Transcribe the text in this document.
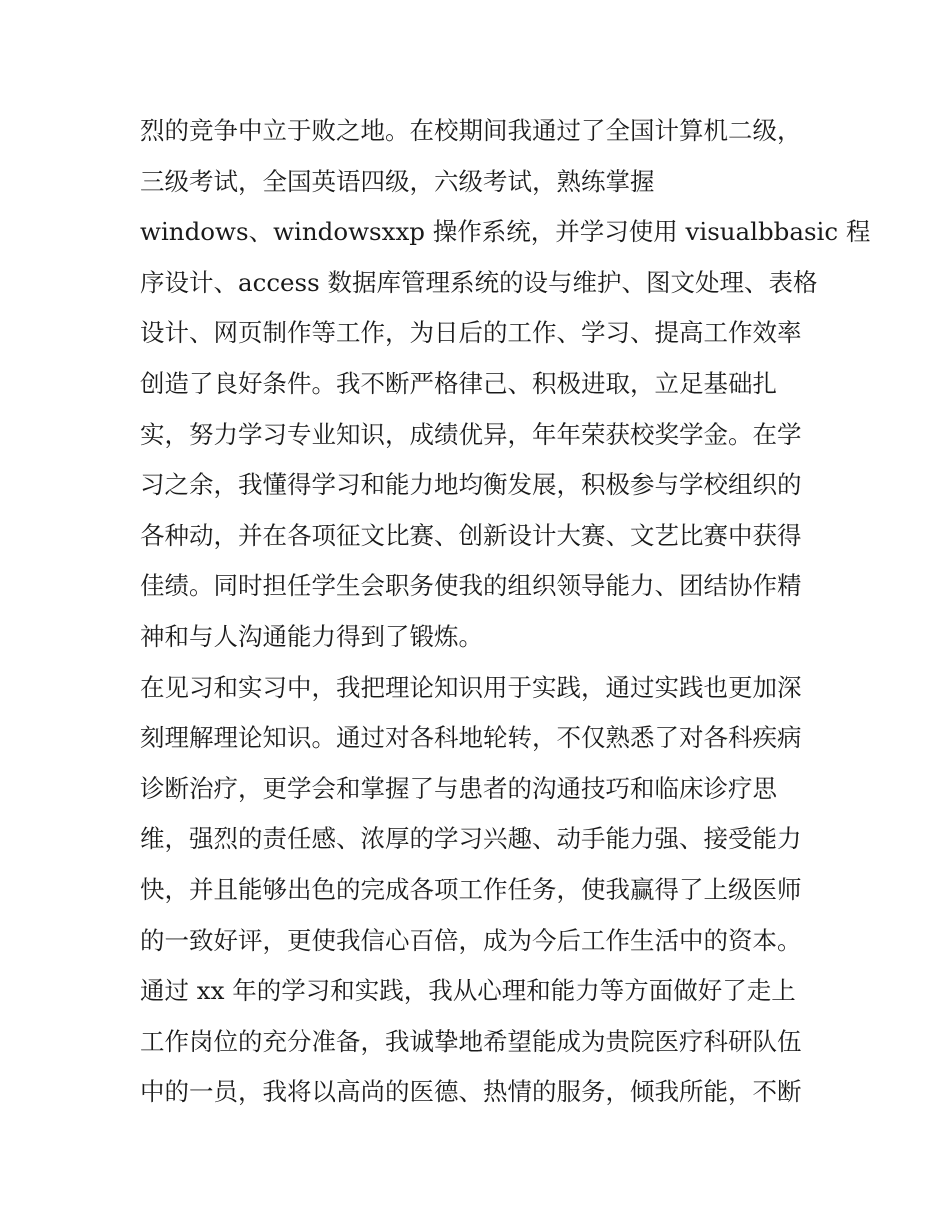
烈的竞争中立于败之地。在校期间我通过了全国计算机二级，
三级考试，全国英语四级，六级考试，熟练掌握
windows、windowsxxp 操作系统，并学习使用 visualbbasic 程
序设计、access 数据库管理系统的设与维护、图文处理、表格
设计、网页制作等工作，为日后的工作、学习、提高工作效率
创造了良好条件。我不断严格律己、积极进取，立足基础扎
实，努力学习专业知识，成绩优异，年年荣获校奖学金。在学
习之余，我懂得学习和能力地均衡发展，积极参与学校组织的
各种动，并在各项征文比赛、创新设计大赛、文艺比赛中获得
佳绩。同时担任学生会职务使我的组织领导能力、团结协作精
神和与人沟通能力得到了锻炼。
在见习和实习中，我把理论知识用于实践，通过实践也更加深
刻理解理论知识。通过对各科地轮转，不仅熟悉了对各科疾病
诊断治疗，更学会和掌握了与患者的沟通技巧和临床诊疗思
维，强烈的责任感、浓厚的学习兴趣、动手能力强、接受能力
快，并且能够出色的完成各项工作任务，使我赢得了上级医师
的一致好评，更使我信心百倍，成为今后工作生活中的资本。
通过 xx 年的学习和实践，我从心理和能力等方面做好了走上
工作岗位的充分准备，我诚挚地希望能成为贵院医疗科研队伍
中的一员，我将以高尚的医德、热情的服务，倾我所能，不断
